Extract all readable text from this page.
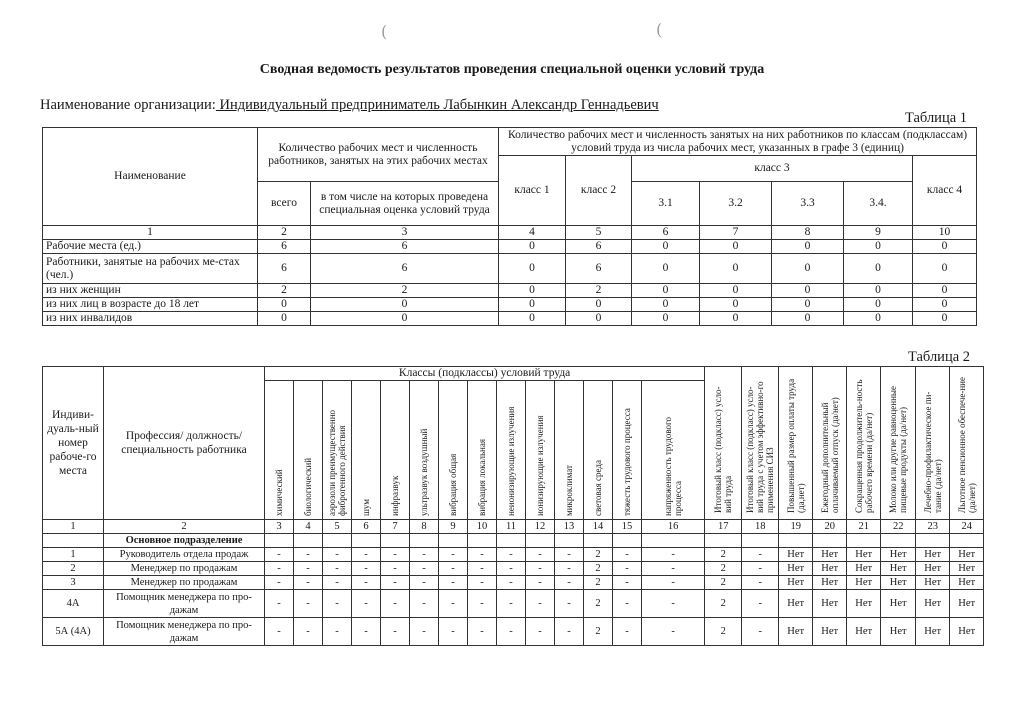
(	(
Сводная ведомость результатов проведения специальной оценки условий труда
Наименование организации: Индивидуальный предприниматель Лабынкин Александр Геннадьевич
Таблица 1
Наименование	Количество рабочих мест и численность работников, занятых на этих рабочих местах		Количество рабочих мест и численность занятых на них работников по классам (подклассам) условий труда из числа рабочих мест, указанных в графе 3 (единиц)						
			класс 1	класс 2	класс 3				класс 4
	всего	в том числе на которых проведена специальная оценка условий труда			3.1	3.2	3.3	3.4.	
1	2	3	4	5	6	7	8	9	10
Рабочие места (ед.)	6	6	0	6	0	0	0	0	0
Работники, занятые на рабочих ме-стах (чел.)	6	6	0	6	0	0	0	0	0
из них женщин	2	2	0	2	0	0	0	0	0
из них лиц в возрасте до 18 лет	0	0	0	0	0	0	0	0	0
из них инвалидов	0	0	0	0	0	0	0	0	0
Таблица 2
Индиви-дуаль-ный номер рабоче-го места	Профессия/ должность/ специальность работника	Классы (подклассы) условий труда														Итоговый класс (подкласс) усло-вий труда	Итоговый класс (подкласс) усло-вий труда с учетом эффективно-го применения СИЗ	Повышенный размер оплаты труда (да,нет)	Ежегодный дополнительный оплачиваемый отпуск (да/нет)	Сокращенная продолжитель-ность рабочего времени (да/нет)	Молоко или другие равноценные пищевые продукты (да/нет)	Лечебно-профилактическое пи-тание (да/нет)	Льготное пенсионное обеспече-ние (да/нет)

		химический	биологический	аэрозоли преимущественно фиброгенного действия	шум	инфразвук	ультразвук воздушный	вибрация общая	вибрация локальная	неионизирующие излучения	ионизирующие излучения	микроклимат	световая среда	тяжесть трудового процесса	напряженность трудового процесса								

1	2	3	4	5	6	7	8	9	10	11	12	13	14	15	16	17	18	19	20	21	22	23	24
	Основное подразделение																						
1	Руководитель отдела продаж	-	-	-	-	-	-	-	-	-	-	-	2	-	-	2	-	Нет	Нет	Нет	Нет	Нет	Нет
2	Менеджер по продажам	-	-	-	-	-	-	-	-	-	-	-	2	-	-	2	-	Нет	Нет	Нет	Нет	Нет	Нет
3	Менеджер по продажам	-	-	-	-	-	-	-	-	-	-	-	2	-	-	2	-	Нет	Нет	Нет	Нет	Нет	Нет
4А	Помощник менеджера по про-дажам	-	-	-	-	-	-	-	-	-	-	-	2	-	-	2	-	Нет	Нет	Нет	Нет	Нет	Нет
5А (4А)	Помощник менеджера по про-дажам	-	-	-	-	-	-	-	-	-	-	-	2	-	-	2	-	Нет	Нет	Нет	Нет	Нет	Нет
